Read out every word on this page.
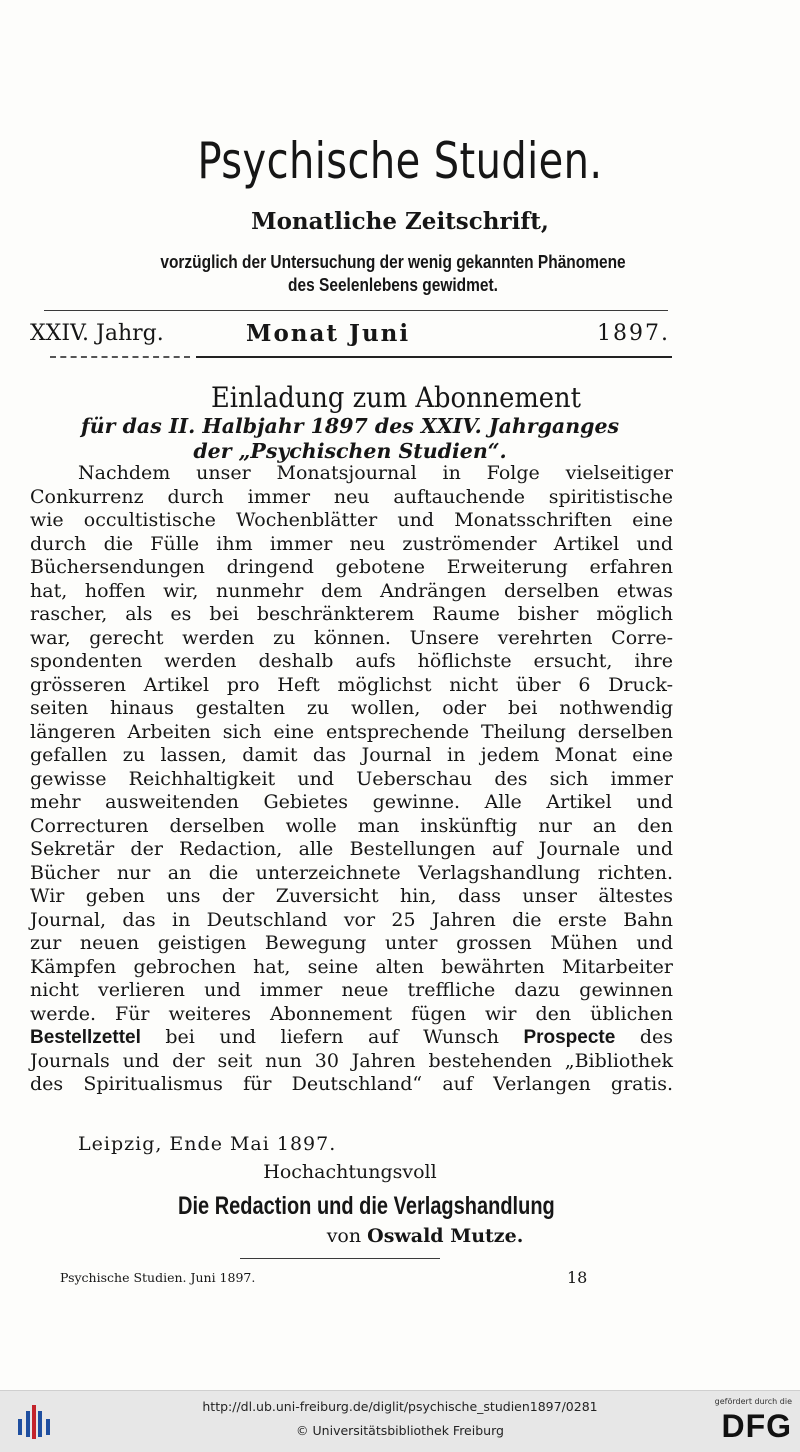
Psychische Studien.
Monatliche Zeitschrift,
vorzüglich der Untersuchung der wenig gekannten Phänomene
des Seelenlebens gewidmet.
XXIV. Jahrg.	Monat Juni	1897.
Einladung zum Abonnement
für das II. Halbjahr 1897 des XXIV. Jahrganges
der „Psychischen Studien“.
Nachdem unser Monatsjournal in Folge vielseitiger
Conkurrenz durch immer neu auftauchende spiritistische
wie occultistische Wochenblätter und Monatsschriften eine
durch die Fülle ihm immer neu zuströmender Artikel und
Büchersendungen dringend gebotene Erweiterung erfahren
hat, hoffen wir, nunmehr dem Andrängen derselben etwas
rascher, als es bei beschränkterem Raume bisher möglich
war, gerecht werden zu können. Unsere verehrten Corre-
spondenten werden deshalb aufs höflichste ersucht, ihre
grösseren Artikel pro Heft möglichst nicht über 6 Druck-
seiten hinaus gestalten zu wollen, oder bei nothwendig
längeren Arbeiten sich eine entsprechende Theilung derselben
gefallen zu lassen, damit das Journal in jedem Monat eine
gewisse Reichhaltigkeit und Ueberschau des sich immer
mehr ausweitenden Gebietes gewinne. Alle Artikel und
Correcturen derselben wolle man inskünftig nur an den
Sekretär der Redaction, alle Bestellungen auf Journale und
Bücher nur an die unterzeichnete Verlagshandlung richten.
Wir geben uns der Zuversicht hin, dass unser ältestes
Journal, das in Deutschland vor 25 Jahren die erste Bahn
zur neuen geistigen Bewegung unter grossen Mühen und
Kämpfen gebrochen hat, seine alten bewährten Mitarbeiter
nicht verlieren und immer neue treffliche dazu gewinnen
werde. Für weiteres Abonnement fügen wir den üblichen
Bestellzettel bei und liefern auf Wunsch Prospecte des
Journals und der seit nun 30 Jahren bestehenden „Bibliothek
des Spiritualismus für Deutschland“ auf Verlangen gratis.
Leipzig, Ende Mai 1897.
Hochachtungsvoll
Die Redaction und die Verlagshandlung
von Oswald Mutze.
Psychische Studien. Juni 1897.	18
http://dl.ub.uni-freiburg.de/diglit/psychische_studien1897/0281
© Universitätsbibliothek Freiburg
gefördert durch die
DFG
